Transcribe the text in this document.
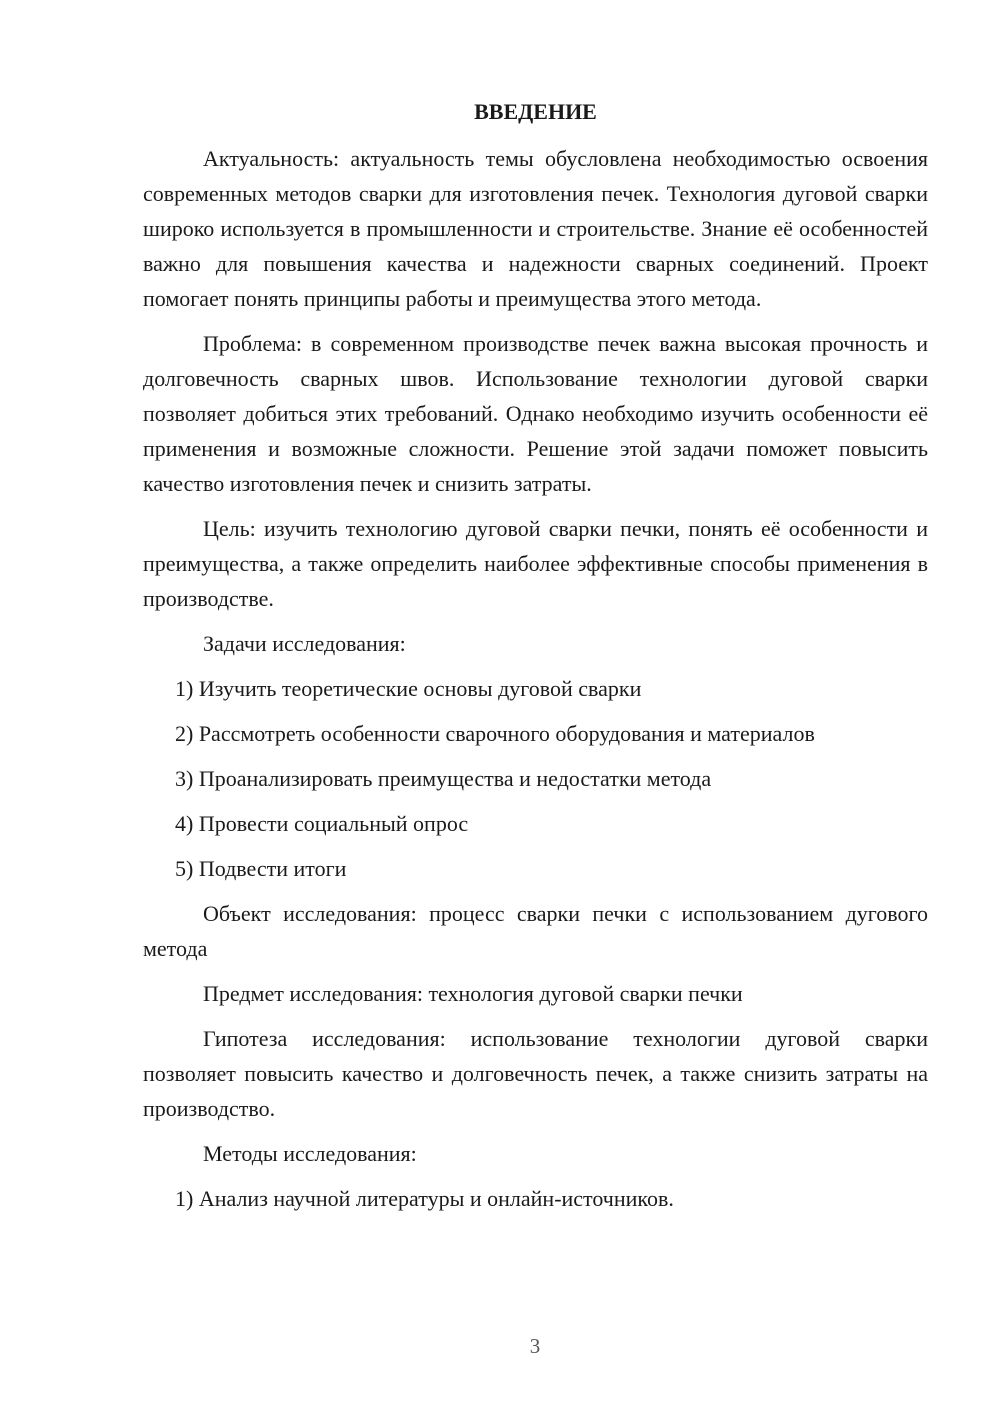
ВВЕДЕНИЕ

Актуальность: актуальность темы обусловлена необходимостью освоения современных методов сварки для изготовления печек. Технология дуговой сварки широко используется в промышленности и строительстве. Знание её особенностей важно для повышения качества и надежности сварных соединений. Проект помогает понять принципы работы и преимущества этого метода.

Проблема: в современном производстве печек важна высокая прочность и долговечность сварных швов. Использование технологии дуговой сварки позволяет добиться этих требований. Однако необходимо изучить особенности её применения и возможные сложности. Решение этой задачи поможет повысить качество изготовления печек и снизить затраты.

Цель: изучить технологию дуговой сварки печки, понять её особенности и преимущества, а также определить наиболее эффективные способы применения в производстве.

Задачи исследования:

1) Изучить теоретические основы дуговой сварки

2) Рассмотреть особенности сварочного оборудования и материалов

3) Проанализировать преимущества и недостатки метода

4) Провести социальный опрос

5) Подвести итоги

Объект исследования: процесс сварки печки с использованием дугового метода

Предмет исследования: технология дуговой сварки печки

Гипотеза исследования: использование технологии дуговой сварки позволяет повысить качество и долговечность печек, а также снизить затраты на производство.

Методы исследования:

1) Анализ научной литературы и онлайн-источников.

3
